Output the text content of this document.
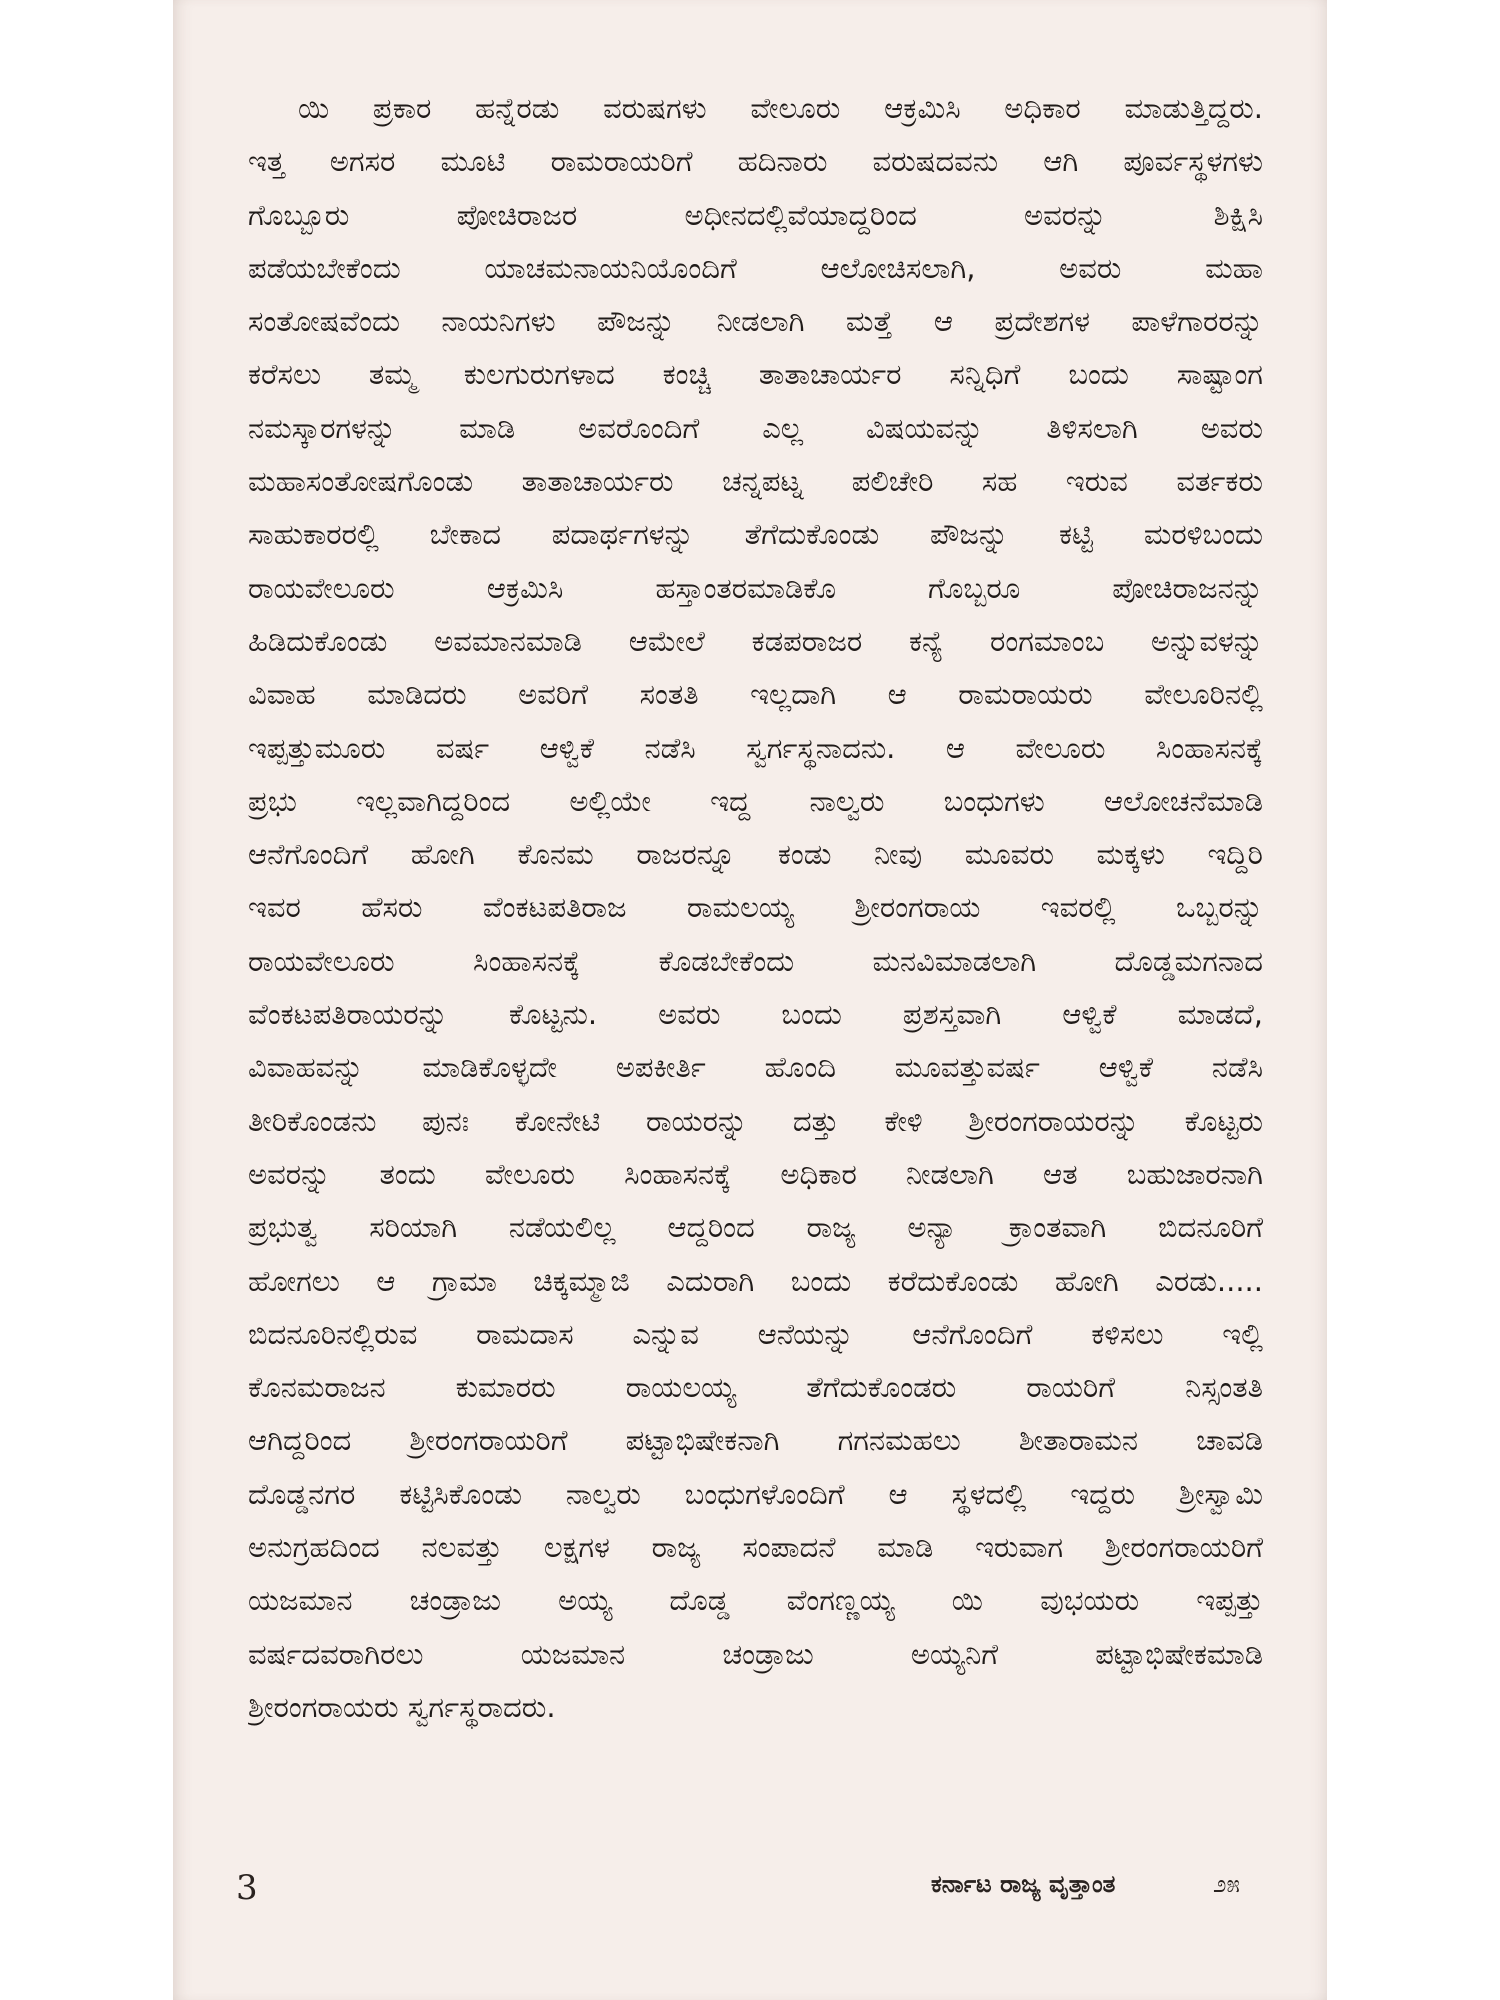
ಯಿ ಪ್ರಕಾರ ಹನ್ನೆರಡು ವರುಷಗಳು ವೇಲೂರು ಆಕ್ರಮಿಸಿ ಅಧಿಕಾರ ಮಾಡುತ್ತಿದ್ದರು.
ಇತ್ತ ಅಗಸರ ಮೂಟಿ ರಾಮರಾಯರಿಗೆ ಹದಿನಾರು ವರುಷದವನು ಆಗಿ ಪೂರ್ವಸ್ಥಳಗಳು
ಗೊಬ್ಬೂರು ಪೋಚಿರಾಜರ ಅಧೀನದಲ್ಲಿವೆಯಾದ್ದರಿಂದ ಅವರನ್ನು ಶಿಕ್ಷಿಸಿ
ಪಡೆಯಬೇಕೆಂದು ಯಾಚಮನಾಯನಿಯೊಂದಿಗೆ ಆಲೋಚಿಸಲಾಗಿ, ಅವರು ಮಹಾ
ಸಂತೋಷವೆಂದು ನಾಯನಿಗಳು ಪೌಜನ್ನು ನೀಡಲಾಗಿ ಮತ್ತೆ ಆ ಪ್ರದೇಶಗಳ ಪಾಳೆಗಾರರನ್ನು
ಕರೆಸಲು ತಮ್ಮ ಕುಲಗುರುಗಳಾದ ಕಂಚ್ಚಿ ತಾತಾಚಾರ್ಯರ ಸನ್ನಿಧಿಗೆ ಬಂದು ಸಾಷ್ಟಾಂಗ
ನಮಸ್ಕಾರಗಳನ್ನು ಮಾಡಿ ಅವರೊಂದಿಗೆ ಎಲ್ಲ ವಿಷಯವನ್ನು ತಿಳಿಸಲಾಗಿ ಅವರು
ಮಹಾಸಂತೋಷಗೊಂಡು ತಾತಾಚಾರ್ಯರು ಚನ್ನಪಟ್ನ ಪಲಿಚೇರಿ ಸಹ ಇರುವ ವರ್ತಕರು
ಸಾಹುಕಾರರಲ್ಲಿ ಬೇಕಾದ ಪದಾರ್ಥಗಳನ್ನು ತೆಗೆದುಕೊಂಡು ಪೌಜನ್ನು ಕಟ್ಟಿ ಮರಳಿಬಂದು
ರಾಯವೇಲೂರು ಆಕ್ರಮಿಸಿ ಹಸ್ತಾಂತರಮಾಡಿಕೊ ಗೊಬ್ಬರೂ ಪೋಚಿರಾಜನನ್ನು
ಹಿಡಿದುಕೊಂಡು ಅವಮಾನಮಾಡಿ ಆಮೇಲೆ ಕಡಪರಾಜರ ಕನ್ಯೆ ರಂಗಮಾಂಬ ಅನ್ನುವಳನ್ನು
ವಿವಾಹ ಮಾಡಿದರು ಅವರಿಗೆ ಸಂತತಿ ಇಲ್ಲದಾಗಿ ಆ ರಾಮರಾಯರು ವೇಲೂರಿನಲ್ಲಿ
ಇಪ್ಪತ್ತುಮೂರು ವರ್ಷ ಆಳ್ವಿಕೆ ನಡೆಸಿ ಸ್ವರ್ಗಸ್ಥನಾದನು. ಆ ವೇಲೂರು ಸಿಂಹಾಸನಕ್ಕೆ
ಪ್ರಭು ಇಲ್ಲವಾಗಿದ್ದರಿಂದ ಅಲ್ಲಿಯೇ ಇದ್ದ ನಾಲ್ವರು ಬಂಧುಗಳು ಆಲೋಚನೆಮಾಡಿ
ಆನೆಗೊಂದಿಗೆ ಹೋಗಿ ಕೊನಮ ರಾಜರನ್ನೂ ಕಂಡು ನೀವು ಮೂವರು ಮಕ್ಕಳು ಇದ್ದಿರಿ
ಇವರ ಹೆಸರು ವೆಂಕಟಪತಿರಾಜ ರಾಮಲಯ್ಯ ಶ್ರೀರಂಗರಾಯ ಇವರಲ್ಲಿ ಒಬ್ಬರನ್ನು
ರಾಯವೇಲೂರು ಸಿಂಹಾಸನಕ್ಕೆ ಕೊಡಬೇಕೆಂದು ಮನವಿಮಾಡಲಾಗಿ ದೊಡ್ಡಮಗನಾದ
ವೆಂಕಟಪತಿರಾಯರನ್ನು ಕೊಟ್ಟನು. ಅವರು ಬಂದು ಪ್ರಶಸ್ತವಾಗಿ ಆಳ್ವಿಕೆ ಮಾಡದೆ,
ವಿವಾಹವನ್ನು ಮಾಡಿಕೊಳ್ಳದೇ ಅಪಕೀರ್ತಿ ಹೊಂದಿ ಮೂವತ್ತುವರ್ಷ ಆಳ್ವಿಕೆ ನಡೆಸಿ
ತೀರಿಕೊಂಡನು ಪುನಃ ಕೋನೇಟಿ ರಾಯರನ್ನು ದತ್ತು ಕೇಳಿ ಶ್ರೀರಂಗರಾಯರನ್ನು ಕೊಟ್ಟರು
ಅವರನ್ನು ತಂದು ವೇಲೂರು ಸಿಂಹಾಸನಕ್ಕೆ ಅಧಿಕಾರ ನೀಡಲಾಗಿ ಆತ ಬಹುಜಾರನಾಗಿ
ಪ್ರಭುತ್ವ ಸರಿಯಾಗಿ ನಡೆಯಲಿಲ್ಲ ಆದ್ದರಿಂದ ರಾಜ್ಯ ಅನ್ಯಾ ಕ್ರಾಂತವಾಗಿ ಬಿದನೂರಿಗೆ
ಹೋಗಲು ಆ ಗ್ರಾಮಾ ಚಿಕ್ಕಮ್ಮಾಜಿ ಎದುರಾಗಿ ಬಂದು ಕರೆದುಕೊಂಡು ಹೋಗಿ ಎರಡು.....
ಬಿದನೂರಿನಲ್ಲಿರುವ ರಾಮದಾಸ ಎನ್ನುವ ಆನೆಯನ್ನು ಆನೆಗೊಂದಿಗೆ ಕಳಿಸಲು ಇಲ್ಲಿ
ಕೊನಮರಾಜನ ಕುಮಾರರು ರಾಯಲಯ್ಯ ತೆಗೆದುಕೊಂಡರು ರಾಯರಿಗೆ ನಿಸ್ಸಂತತಿ
ಆಗಿದ್ದರಿಂದ ಶ್ರೀರಂಗರಾಯರಿಗೆ ಪಟ್ಟಾಭಿಷೇಕನಾಗಿ ಗಗನಮಹಲು ಶೀತಾರಾಮನ ಚಾವಡಿ
ದೊಡ್ಡನಗರ ಕಟ್ಟಿಸಿಕೊಂಡು ನಾಲ್ವರು ಬಂಧುಗಳೊಂದಿಗೆ ಆ ಸ್ಥಳದಲ್ಲಿ ಇದ್ದರು ಶ್ರೀಸ್ವಾಮಿ
ಅನುಗ್ರಹದಿಂದ ನಲವತ್ತು ಲಕ್ಷಗಳ ರಾಜ್ಯ ಸಂಪಾದನೆ ಮಾಡಿ ಇರುವಾಗ ಶ್ರೀರಂಗರಾಯರಿಗೆ
ಯಜಮಾನ ಚಂಡ್ರಾಜು ಅಯ್ಯ ದೊಡ್ಡ ವೆಂಗಣ್ಣಯ್ಯ ಯಿ ವುಭಯರು ಇಪ್ಪತ್ತು
ವರ್ಷದವರಾಗಿರಲು ಯಜಮಾನ ಚಂಡ್ರಾಜು ಅಯ್ಯನಿಗೆ ಪಟ್ಟಾಭಿಷೇಕಮಾಡಿ
ಶ್ರೀರಂಗರಾಯರು ಸ್ವರ್ಗಸ್ಥರಾದರು.
3	ಕರ್ನಾಟ ರಾಜ್ಯ ವೃತ್ತಾಂತ	೨೫
